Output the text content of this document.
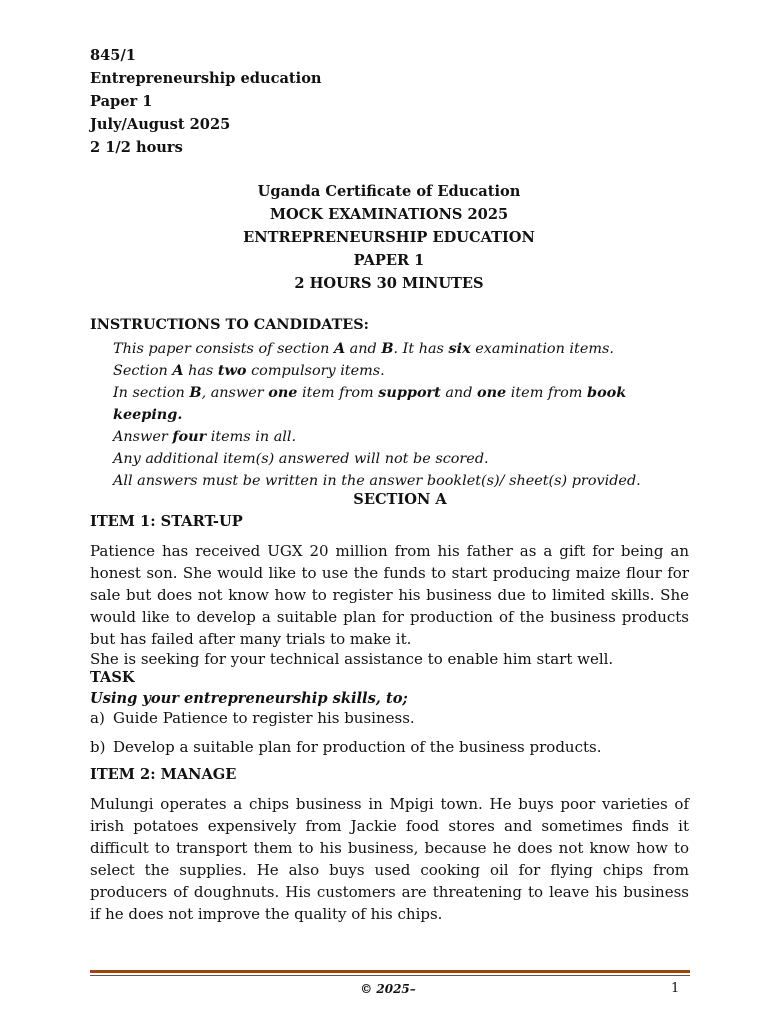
845/1
Entrepreneurship education
Paper 1
July/August 2025
2 1/2 hours
Uganda Certificate of Education
MOCK EXAMINATIONS 2025
ENTREPRENEURSHIP EDUCATION
PAPER 1
2 HOURS 30 MINUTES
INSTRUCTIONS TO CANDIDATES:
This paper consists of section A and B. It has six examination items.
Section A has two compulsory items.
In section B, answer one item from support and one item from book keeping.
Answer four items in all.
Any additional item(s) answered will not be scored.
All answers must be written in the answer booklet(s)/ sheet(s) provided.
SECTION A
ITEM 1: START-UP
Patience has received UGX 20 million from his father as a gift for being an honest son. She would like to use the funds to start producing maize flour for sale but does not know how to register his business due to limited skills. She would like to develop a suitable plan for production of the business products but has failed after many trials to make it.
She is seeking for your technical assistance to enable him start well.
TASK
Using your entrepreneurship skills, to;
a) Guide Patience to register his business.
b) Develop a suitable plan for production of the business products.
ITEM 2: MANAGE
Mulungi operates a chips business in Mpigi town. He buys poor varieties of irish potatoes expensively from Jackie food stores and sometimes finds it difficult to transport them to his business, because he does not know how to select the supplies. He also buys used cooking oil for flying chips from producers of doughnuts. His customers are threatening to leave his business if he does not improve the quality of his chips.
© 2025–	1
